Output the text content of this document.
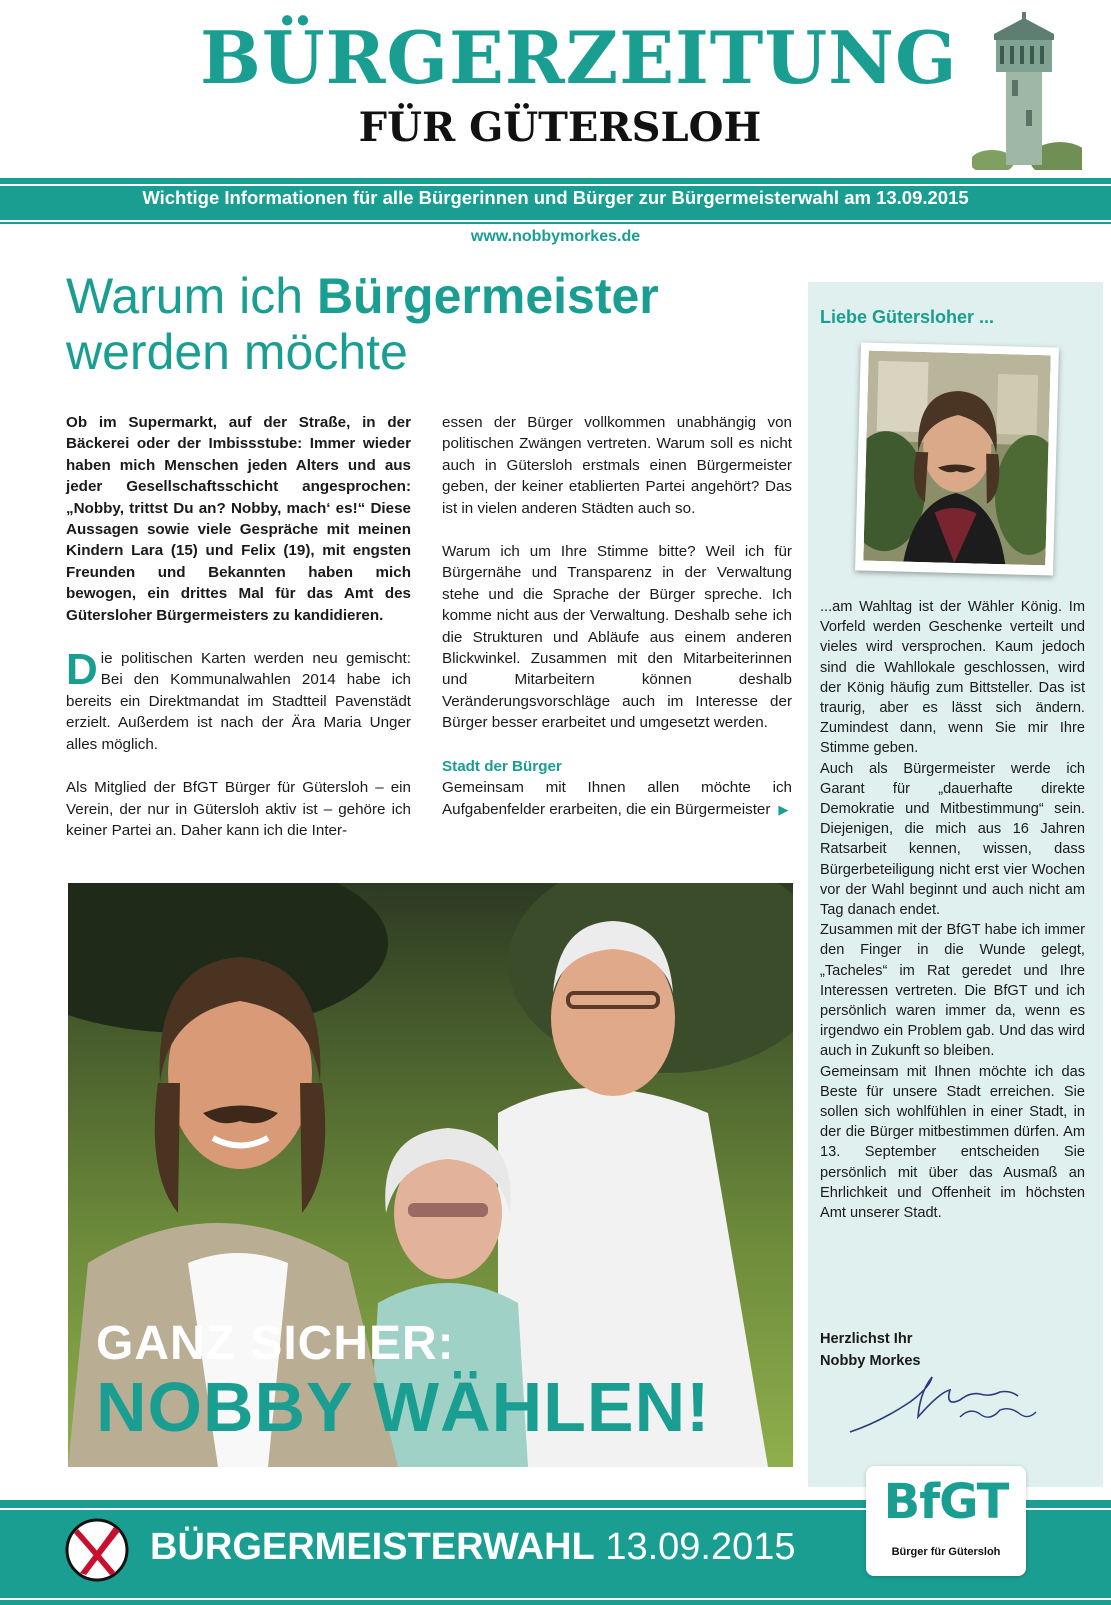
BÜRGERZEITUNG
FÜR GÜTERSLOH
Wichtige Informationen für alle Bürgerinnen und Bürger zur Bürgermeisterwahl am 13.09.2015
www.nobbymorkes.de
Warum ich Bürgermeister
werden möchte

Ob im Supermarkt, auf der Straße, in der Bäckerei oder der Imbissstube: Immer wieder haben mich Menschen jeden Alters und aus jeder Gesellschaftsschicht angesprochen: „Nobby, trittst Du an? Nobby, mach‘ es!“ Diese Aussagen sowie viele Gespräche mit meinen Kindern Lara (15) und Felix (19), mit engsten Freunden und Bekannten haben mich bewogen, ein drittes Mal für das Amt des Gütersloher Bürgermeisters zu kandidieren.

Die politischen Karten werden neu gemischt: Bei den Kommunalwahlen 2014 habe ich bereits ein Direktmandat im Stadtteil Pavenstädt erzielt. Außerdem ist nach der Ära Maria Unger alles möglich.

Als Mitglied der BfGT Bürger für Gütersloh – ein Verein, der nur in Gütersloh aktiv ist – gehöre ich keiner Partei an. Daher kann ich die Inter-

essen der Bürger vollkommen unabhängig von politischen Zwängen vertreten. Warum soll es nicht auch in Gütersloh erstmals einen Bürgermeister geben, der keiner etablierten Partei angehört? Das ist in vielen anderen Städten auch so.

Warum ich um Ihre Stimme bitte? Weil ich für Bürgernähe und Transparenz in der Verwaltung stehe und die Sprache der Bürger spreche. Ich komme nicht aus der Verwaltung. Deshalb sehe ich die Strukturen und Abläufe aus einem anderen Blickwinkel. Zusammen mit den Mitarbeiterinnen und Mitarbeitern können deshalb Veränderungsvorschläge auch im Interesse der Bürger besser erarbeitet und umgesetzt werden.

Stadt der Bürger

Gemeinsam mit Ihnen allen möchte ich Aufgabenfelder erarbeiten, die ein Bürgermeister ▶

Liebe Gütersloher ...

...am Wahltag ist der Wähler König. Im Vorfeld werden Geschenke verteilt und vieles wird versprochen. Kaum jedoch sind die Wahllokale geschlossen, wird der König häufig zum Bittsteller. Das ist traurig, aber es lässt sich ändern. Zumindest dann, wenn Sie mir Ihre Stimme geben.

Auch als Bürgermeister werde ich Garant für „dauerhafte direkte Demokratie und Mitbestimmung“ sein. Diejenigen, die mich aus 16 Jahren Ratsarbeit kennen, wissen, dass Bürgerbeteiligung nicht erst vier Wochen vor der Wahl beginnt und auch nicht am Tag danach endet.

Zusammen mit der BfGT habe ich immer den Finger in die Wunde gelegt, „Tacheles“ im Rat geredet und Ihre Interessen vertreten. Die BfGT und ich persönlich waren immer da, wenn es irgendwo ein Problem gab. Und das wird auch in Zukunft so bleiben.

Gemeinsam mit Ihnen möchte ich das Beste für unsere Stadt erreichen. Sie sollen sich wohlfühlen in einer Stadt, in der die Bürger mitbestimmen dürfen. Am 13. September entscheiden Sie persönlich mit über das Ausmaß an Ehrlichkeit und Offenheit im höchsten Amt unserer Stadt.

Herzlichst Ihr
Nobby Morkes
GANZ SICHER:
NOBBY WÄHLEN!
BÜRGERMEISTERWAHL 13.09.2015
BfGT
Bürger für Gütersloh
